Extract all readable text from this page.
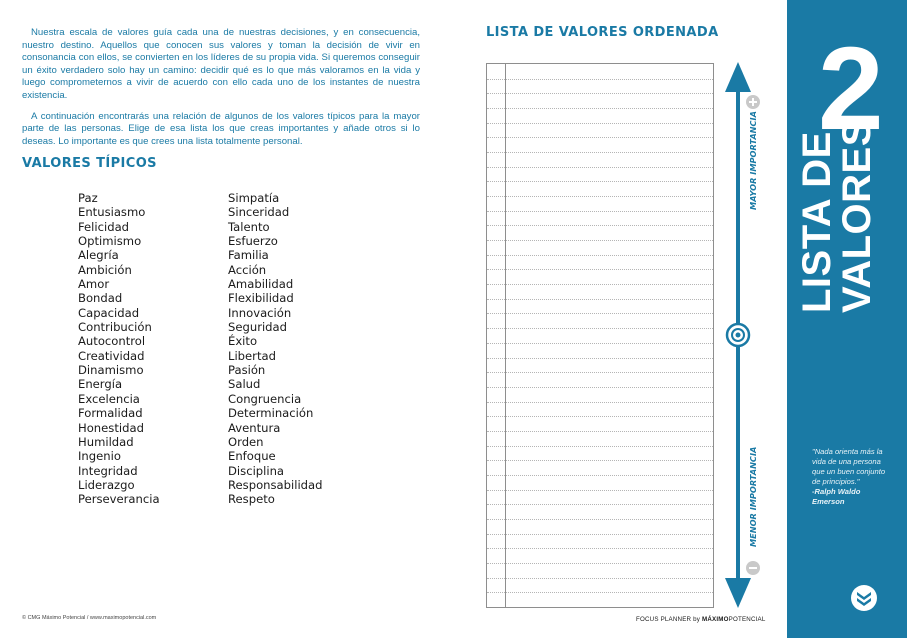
Nuestra escala de valores guía cada una de nuestras decisiones, y en consecuencia, nuestro destino. Aquellos que conocen sus valores y toman la decisión de vivir en consonancia con ellos, se convierten en los líderes de su propia vida. Si queremos conseguir un éxito verdadero solo hay un camino: decidir qué es lo que más valoramos en la vida y luego comprometernos a vivir de acuerdo con ello cada uno de los instantes de nuestra existencia.

A continuación encontrarás una relación de algunos de los valores típicos para la mayor parte de las personas. Elige de esa lista los que creas importantes y añade otros si lo deseas. Lo importante es que crees una lista totalmente personal.

VALORES TÍPICOS
Paz
Entusiasmo
Felicidad
Optimismo
Alegría
Ambición
Amor
Bondad
Capacidad
Contribución
Autocontrol
Creatividad
Dinamismo
Energía
Excelencia
Formalidad
Honestidad
Humildad
Ingenio
Integridad
Liderazgo
Perseverancia
Simpatía
Sinceridad
Talento
Esfuerzo
Familia
Acción
Amabilidad
Flexibilidad
Innovación
Seguridad
Éxito
Libertad
Pasión
Salud
Congruencia
Determinación
Aventura
Orden
Enfoque
Disciplina
Responsabilidad
Respeto
LISTA DE VALORES ORDENADA
MAYOR IMPORTANCIA
MENOR IMPORTANCIA
2
LISTA DE
VALORES
"Nada orienta más la vida de una persona que un buen conjunto de principios."
-Ralph Waldo Emerson
© CMG Máximo Potencial / www.maximopotencial.com	FOCUS PLANNER by MÁXIMOPOTENCIAL
